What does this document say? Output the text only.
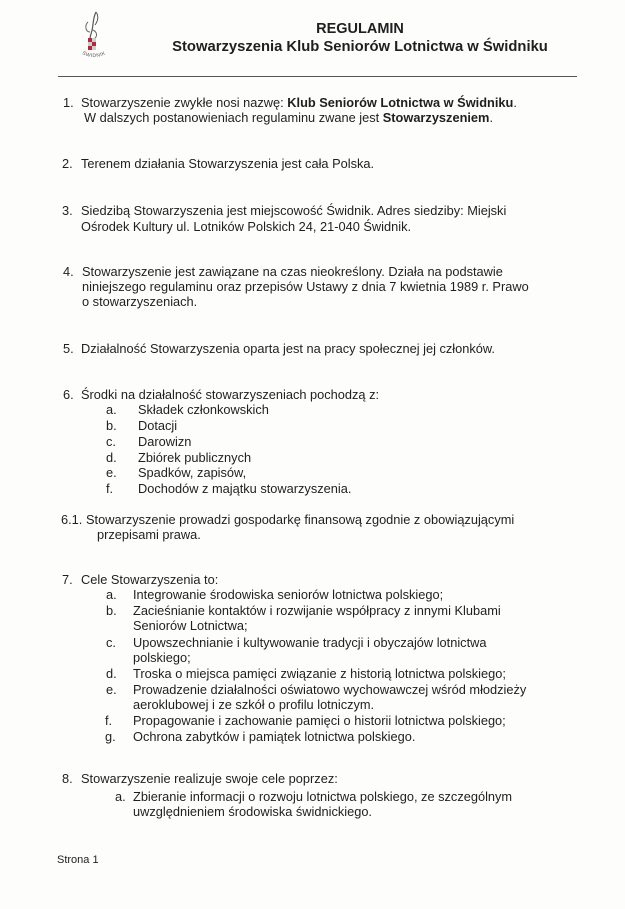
ŚWIDNIK
REGULAMIN
Stowarzyszenia Klub Seniorów Lotnictwa w Świdniku
1. Stowarzyszenie zwykłe nosi nazwę: Klub Seniorów Lotnictwa w Świdniku.
W dalszych postanowieniach regulaminu zwane jest Stowarzyszeniem.
2. Terenem działania Stowarzyszenia jest cała Polska.
3. Siedzibą Stowarzyszenia jest miejscowość Świdnik. Adres siedziby: Miejski
Ośrodek Kultury ul. Lotników Polskich 24, 21-040 Świdnik.
4. Stowarzyszenie jest zawiązane na czas nieokreślony. Działa na podstawie
niniejszego regulaminu oraz przepisów Ustawy z dnia 7 kwietnia 1989 r. Prawo
o stowarzyszeniach.
5. Działalność Stowarzyszenia oparta jest na pracy społecznej jej członków.
6. Środki na działalność stowarzyszeniach pochodzą z:
a. Składek członkowskich
b. Dotacji
c. Darowizn
d. Zbiórek publicznych
e. Spadków, zapisów,
f. Dochodów z majątku stowarzyszenia.
6.1. Stowarzyszenie prowadzi gospodarkę finansową zgodnie z obowiązującymi
przepisami prawa.
7. Cele Stowarzyszenia to:
a. Integrowanie środowiska seniorów lotnictwa polskiego;
b. Zacieśnianie kontaktów i rozwijanie współpracy z innymi Klubami
Seniorów Lotnictwa;
c. Upowszechnianie i kultywowanie tradycji i obyczajów lotnictwa
polskiego;
d. Troska o miejsca pamięci związanie z historią lotnictwa polskiego;
e. Prowadzenie działalności oświatowo wychowawczej wśród młodzieży
aeroklubowej i ze szkół o profilu lotniczym.
f. Propagowanie i zachowanie pamięci o historii lotnictwa polskiego;
g. Ochrona zabytków i pamiątek lotnictwa polskiego.
8. Stowarzyszenie realizuje swoje cele poprzez:
a. Zbieranie informacji o rozwoju lotnictwa polskiego, ze szczególnym
uwzględnieniem środowiska świdnickiego.
Strona 1
